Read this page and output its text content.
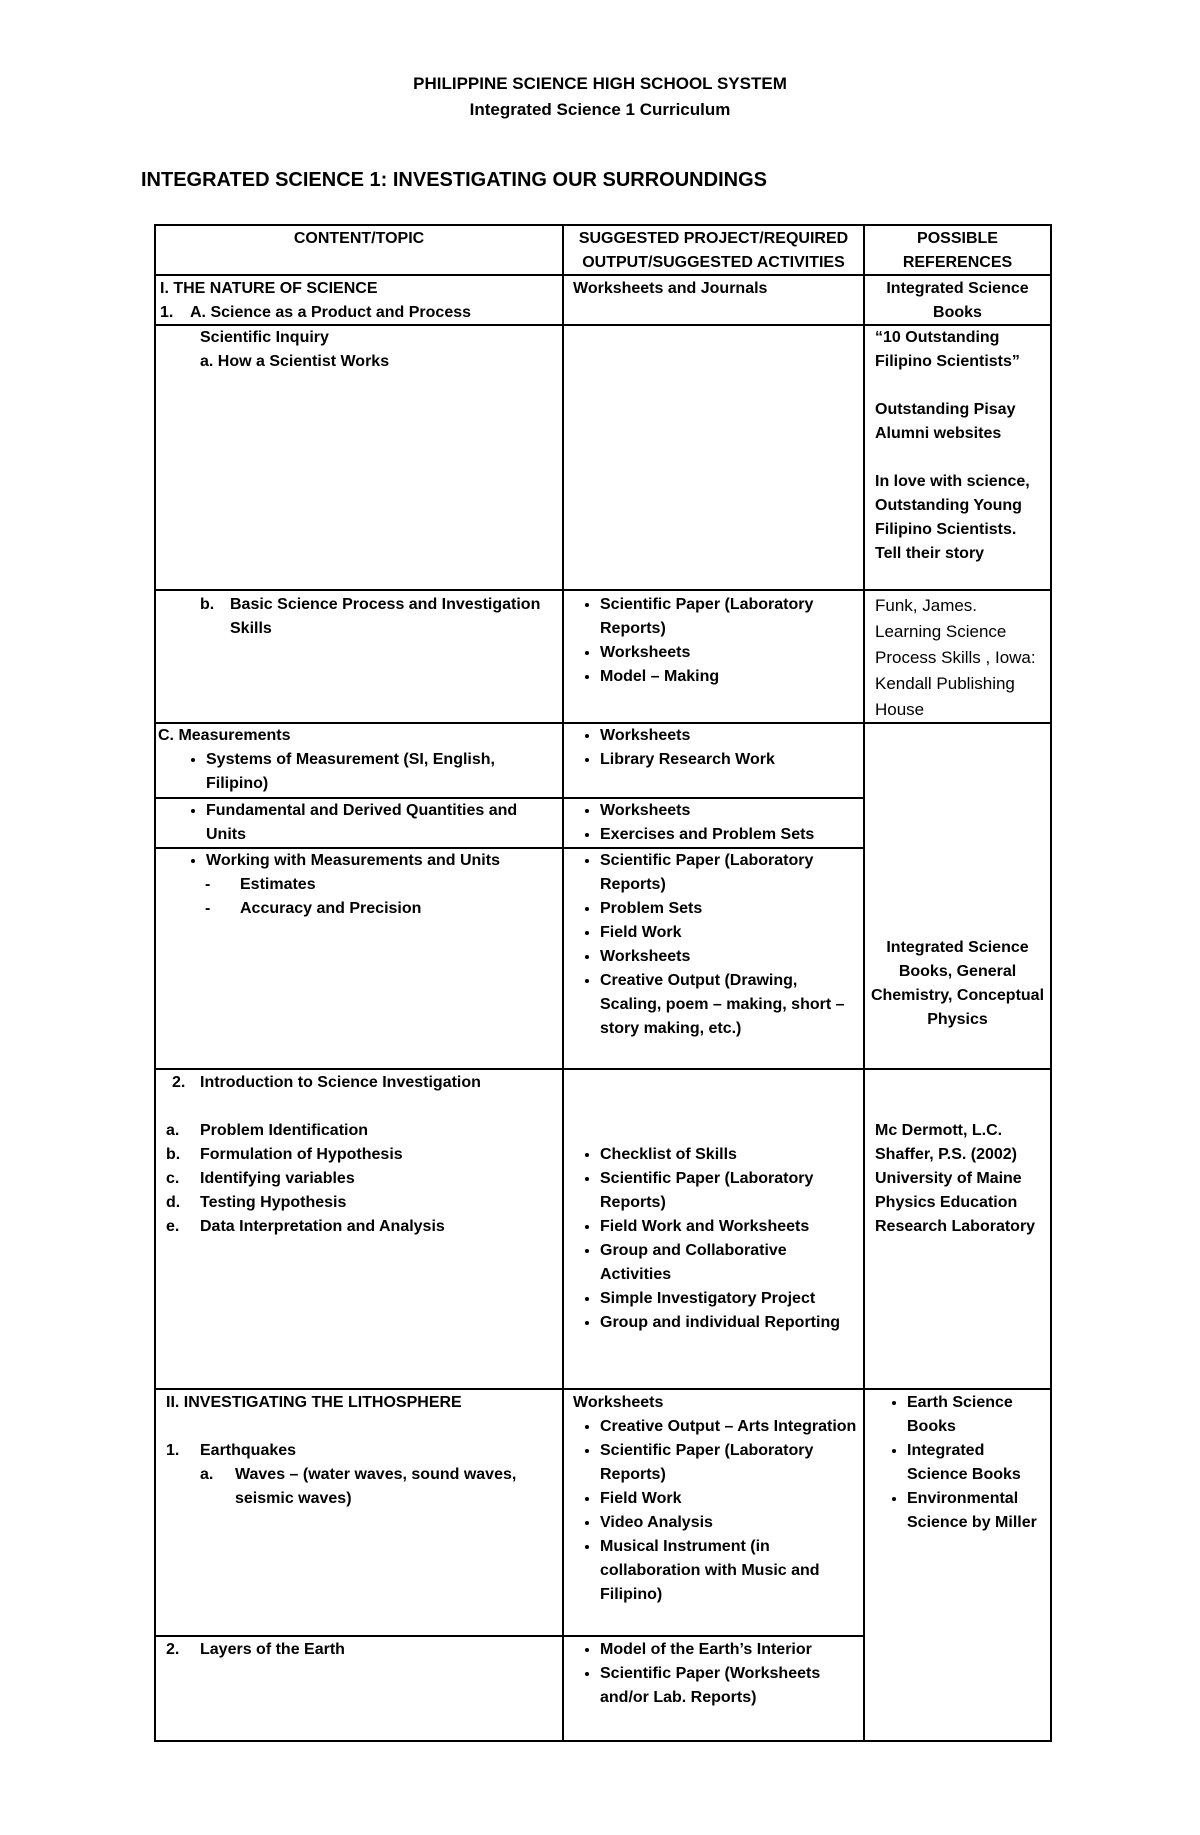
PHILIPPINE SCIENCE HIGH SCHOOL SYSTEM
Integrated Science 1 Curriculum
INTEGRATED SCIENCE 1: INVESTIGATING OUR SURROUNDINGS
CONTENT/TOPIC	SUGGESTED PROJECT/REQUIRED
OUTPUT/SUGGESTED ACTIVITIES
POSSIBLE
REFERENCES
I. THE NATURE OF SCIENCE
1. A. Science as a Product and Process
Worksheets and Journals	Integrated Science Books
Scientific Inquiry
a. How a Scientist Works
“10 Outstanding Filipino Scientists”
Outstanding Pisay Alumni websites
In love with science, Outstanding Young Filipino Scientists. Tell their story
b. Basic Science Process and Investigation Skills
• Scientific Paper (Laboratory Reports)
• Worksheets
• Model – Making
Funk, James. Learning Science Process Skills , Iowa: Kendall Publishing House
C. Measurements
• Systems of Measurement (SI, English, Filipino)
• Worksheets
• Library Research Work
• Fundamental and Derived Quantities and Units
• Worksheets
• Exercises and Problem Sets
• Working with Measurements and Units
- Estimates
- Accuracy and Precision
• Scientific Paper (Laboratory Reports)
• Problem Sets
• Field Work
• Worksheets
• Creative Output (Drawing, Scaling, poem – making, short – story making, etc.)
Integrated Science Books, General Chemistry, Conceptual Physics
2. Introduction to Science Investigation
a. Problem Identification
b. Formulation of Hypothesis
c. Identifying variables
d. Testing Hypothesis
e. Data Interpretation and Analysis
• Checklist of Skills
• Scientific Paper (Laboratory Reports)
• Field Work and Worksheets
• Group and Collaborative Activities
• Simple Investigatory Project
• Group and individual Reporting
Mc Dermott, L.C. Shaffer, P.S. (2002) University of Maine Physics Education Research Laboratory
II. INVESTIGATING THE LITHOSPHERE
1. Earthquakes
a.	Waves – (water waves, sound waves, seismic waves)
Worksheets
• Creative Output – Arts Integration
• Scientific Paper (Laboratory Reports)
• Field Work
• Video Analysis
• Musical Instrument (in collaboration with Music and Filipino)
• Earth Science Books
• Integrated Science Books
• Environmental Science by Miller
2. Layers of the Earth
•	Model of the Earth’s Interior
• Scientific Paper (Worksheets and/or Lab. Reports)
